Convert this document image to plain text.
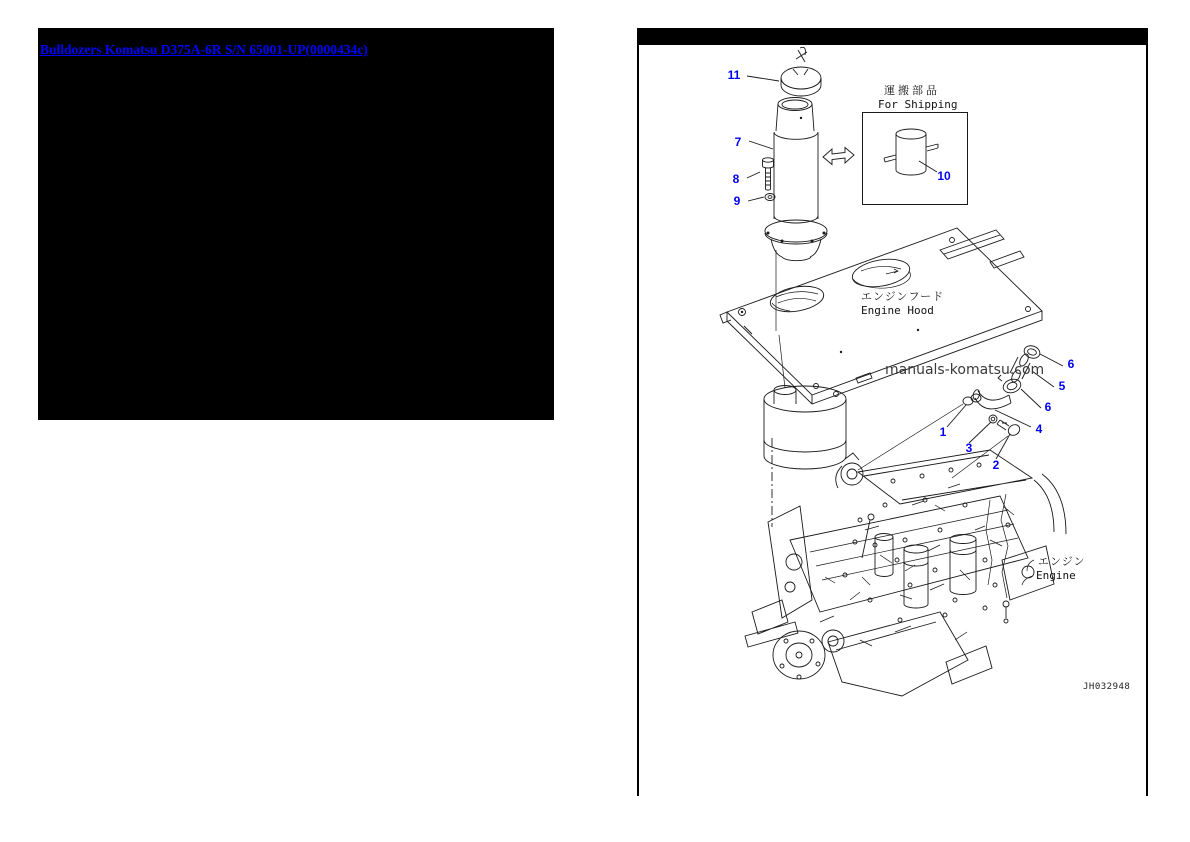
Bulldozers Komatsu D375A-6R S/N 65001-UP(0000434c)
11
7
8
9
10
6
5
6
4
1
3
2
運搬部品
For Shipping
エンジンフード
Engine Hood
エンジン
Engine
manuals-komatsu.com
JH032948
